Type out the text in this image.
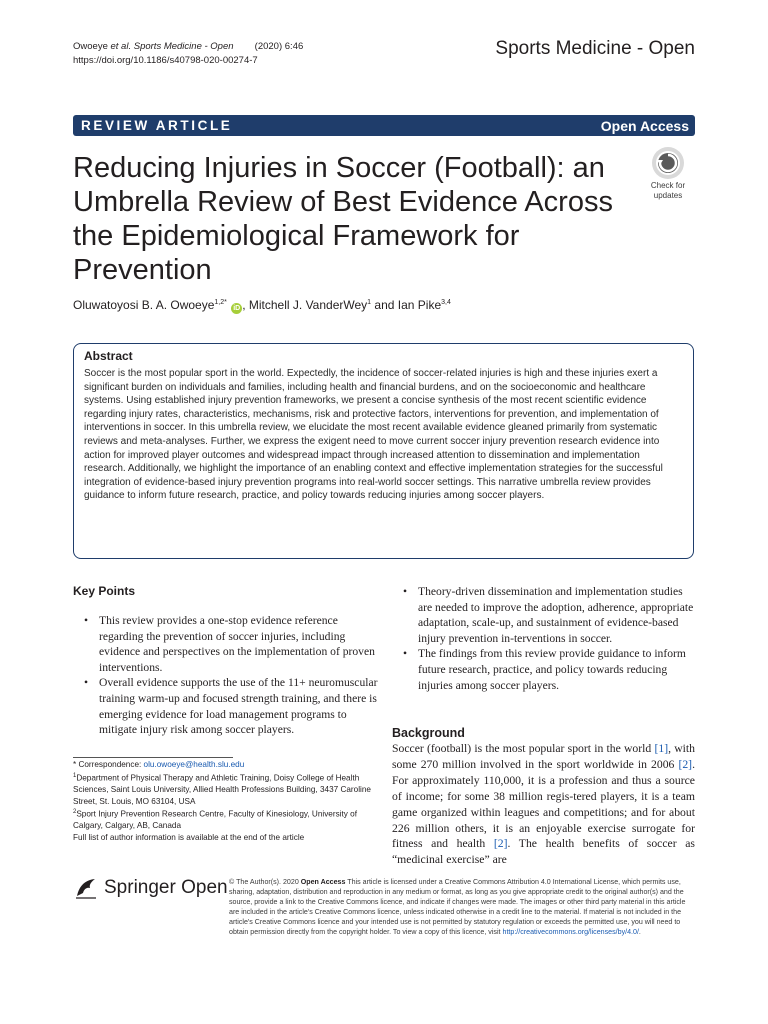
Owoeye et al. Sports Medicine - Open (2020) 6:46
https://doi.org/10.1186/s40798-020-00274-7
Sports Medicine - Open
REVIEW ARTICLE	Open Access
Reducing Injuries in Soccer (Football): an Umbrella Review of Best Evidence Across the Epidemiological Framework for Prevention
Check for
updates
Oluwatoyosi B. A. Owoeye$^{1,2*}$ iD , Mitchell J. VanderWey$^1$ and Ian Pike$^{3,4}$
Abstract

Soccer is the most popular sport in the world. Expectedly, the incidence of soccer-related injuries is high and these injuries exert a significant burden on individuals and families, including health and financial burdens, and on the socioeconomic and healthcare systems. Using established injury prevention frameworks, we present a concise synthesis of the most recent scientific evidence regarding injury rates, characteristics, mechanisms, risk and protective factors, interventions for prevention, and implementation of interventions in soccer. In this umbrella review, we elucidate the most recent available evidence gleaned primarily from systematic reviews and meta-analyses. Further, we express the exigent need to move current soccer injury prevention research evidence into action for improved player outcomes and widespread impact through increased attention to dissemination and implementation research. Additionally, we highlight the importance of an enabling context and effective implementation strategies for the successful integration of evidence-based injury prevention programs into real-world soccer settings. This narrative umbrella review provides guidance to inform future research, practice, and policy towards reducing injuries among soccer players.

Key Points
• This review provides a one-stop evidence reference regarding the prevention of soccer injuries, including evidence and perspectives on the implementation of proven interventions.
• Overall evidence supports the use of the 11+ neuromuscular training warm-up and focused strength training, and there is emerging evidence for load management programs to mitigate injury risk among soccer players.
• Theory-driven dissemination and implementation studies are needed to improve the adoption, adherence, appropriate adaptation, scale-up, and sustainment of evidence-based injury prevention in-terventions in soccer.
• The findings from this review provide guidance to inform future research, practice, and policy towards reducing injuries among soccer players.
* Correspondence: olu.owoeye@health.slu.edu
$^1$Department of Physical Therapy and Athletic Training, Doisy College of Health Sciences, Saint Louis University, Allied Health Professions Building, 3437 Caroline Street, St. Louis, MO 63104, USA
$^2$Sport Injury Prevention Research Centre, Faculty of Kinesiology, University of Calgary, Calgary, AB, Canada
Full list of author information is available at the end of the article
Background

Soccer (football) is the most popular sport in the world [1], with some 270 million involved in the sport worldwide in 2006 [2]. For approximately 110,000, it is a profession and thus a source of income; for some 38 million regis-tered players, it is a team game organized within leagues and competitions; and for about 226 million others, it is an enjoyable exercise surrogate for fitness and health [2]. The health benefits of soccer as “medicinal exercise” are

Springer Open © The Author(s). 2020 Open Access This article is licensed under a Creative Commons Attribution 4.0 International License, which permits use, sharing, adaptation, distribution and reproduction in any medium or format, as long as you give appropriate credit to the original author(s) and the source, provide a link to the Creative Commons licence, and indicate if changes were made. The images or other third party material in this article are included in the article's Creative Commons licence, unless indicated otherwise in a credit line to the material. If material is not included in the article's Creative Commons licence and your intended use is not permitted by statutory regulation or exceeds the permitted use, you will need to obtain permission directly from the copyright holder. To view a copy of this licence, visit http://creativecommons.org/licenses/by/4.0/.
